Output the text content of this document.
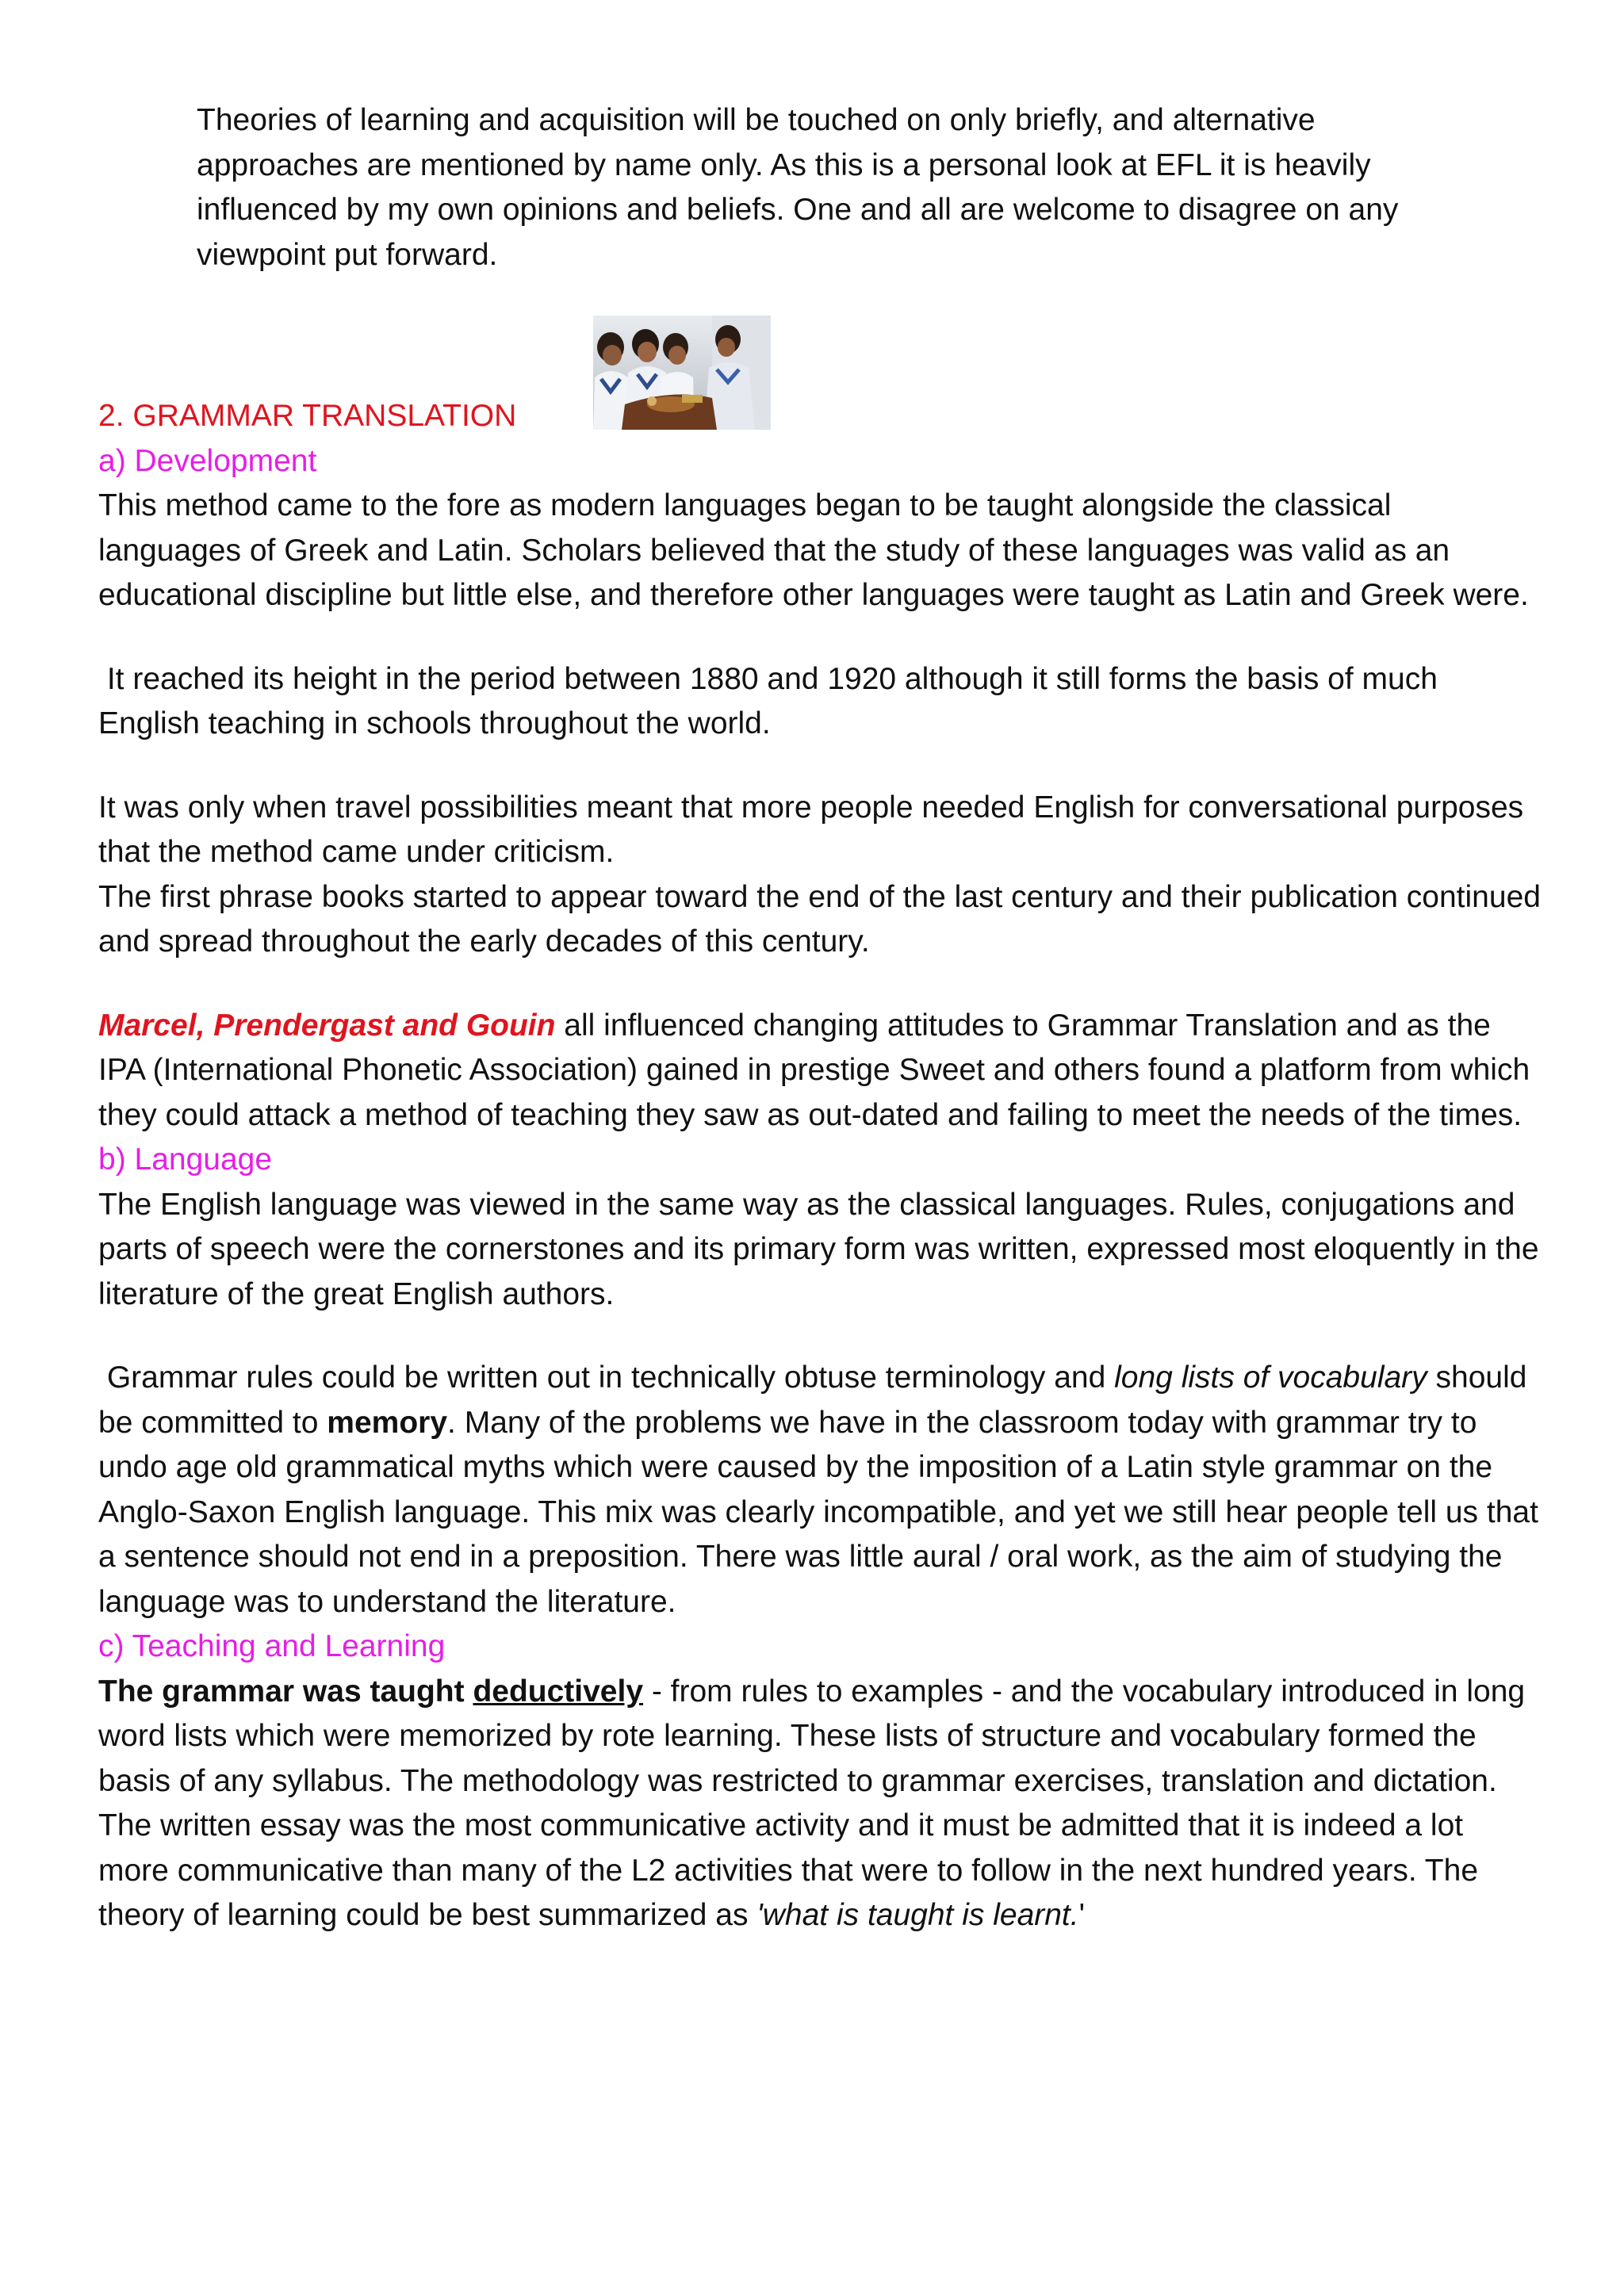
Theories of learning and acquisition will be touched on only briefly, and alternative
approaches are mentioned by name only. As this is a personal look at EFL it is heavily
influenced by my own opinions and beliefs. One and all are welcome to disagree on any
viewpoint put forward.

2. GRAMMAR TRANSLATION

a) Development

This method came to the fore as modern languages began to be taught alongside the classical languages of Greek and Latin. Scholars believed that the study of these languages was valid as an educational discipline but little else, and therefore other languages were taught as Latin and Greek were.

It reached its height in the period between 1880 and 1920 although it still forms the basis of much English teaching in schools throughout the world.

It was only when travel possibilities meant that more people needed English for conversational purposes that the method came under criticism.

The first phrase books started to appear toward the end of the last century and their publication continued and spread throughout the early decades of this century.

Marcel, Prendergast and Gouin all influenced changing attitudes to Grammar Translation and as the IPA (International Phonetic Association) gained in prestige Sweet and others found a platform from which they could attack a method of teaching they saw as out-dated and failing to meet the needs of the times.

b) Language

The English language was viewed in the same way as the classical languages. Rules, conjugations and parts of speech were the cornerstones and its primary form was written, expressed most eloquently in the literature of the great English authors.

Grammar rules could be written out in technically obtuse terminology and long lists of vocabulary should be committed to memory. Many of the problems we have in the classroom today with grammar try to undo age old grammatical myths which were caused by the imposition of a Latin style grammar on the Anglo-Saxon English language. This mix was clearly incompatible, and yet we still hear people tell us that a sentence should not end in a preposition. There was little aural / oral work, as the aim of studying the language was to understand the literature.

c) Teaching and Learning

The grammar was taught deductively - from rules to examples - and the vocabulary introduced in long word lists which were memorized by rote learning. These lists of structure and vocabulary formed the basis of any syllabus. The methodology was restricted to grammar exercises, translation and dictation. The written essay was the most communicative activity and it must be admitted that it is indeed a lot more communicative than many of the L2 activities that were to follow in the next hundred years. The theory of learning could be best summarized as 'what is taught is learnt.'
